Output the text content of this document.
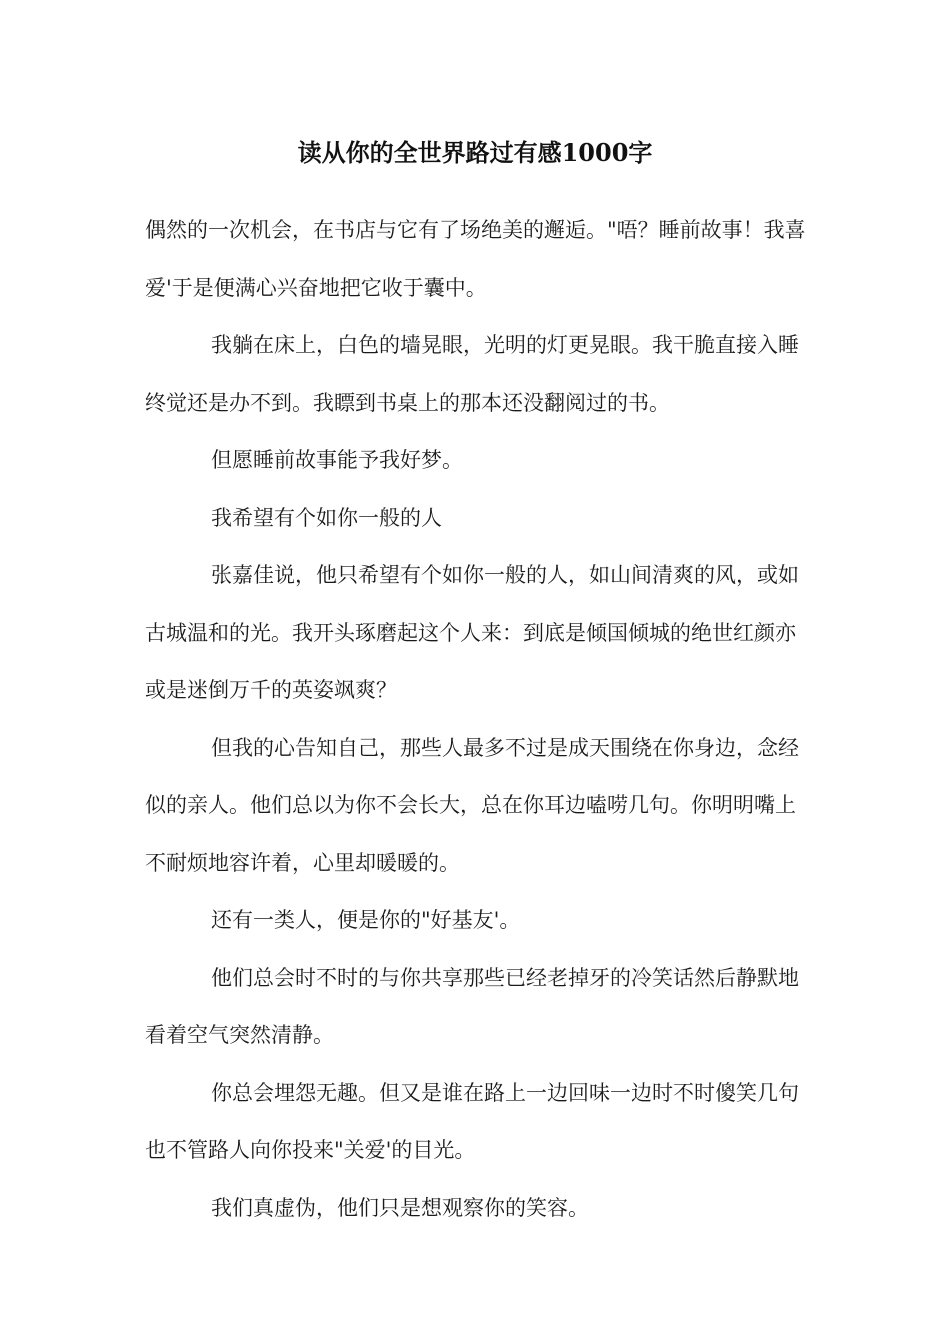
读从你的全世界路过有感1000字

偶然的一次机会，在书店与它有了场绝美的邂逅。"唔？睡前故事！我喜爱'于是便满心兴奋地把它收于囊中。

我躺在床上，白色的墙晃眼，光明的灯更晃眼。我干脆直接入睡终觉还是办不到。我瞟到书桌上的那本还没翻阅过的书。

但愿睡前故事能予我好梦。

我希望有个如你一般的人

张嘉佳说，他只希望有个如你一般的人，如山间清爽的风，或如古城温和的光。我开头琢磨起这个人来：到底是倾国倾城的绝世红颜亦或是迷倒万千的英姿飒爽？

但我的心告知自己，那些人最多不过是成天围绕在你身边，念经似的亲人。他们总以为你不会长大，总在你耳边嗑唠几句。你明明嘴上不耐烦地容许着，心里却暖暖的。

还有一类人，便是你的"好基友'。

他们总会时不时的与你共享那些已经老掉牙的冷笑话然后静默地看着空气突然清静。

你总会埋怨无趣。但又是谁在路上一边回味一边时不时傻笑几句也不管路人向你投来"关爱'的目光。

我们真虚伪，他们只是想观察你的笑容。
